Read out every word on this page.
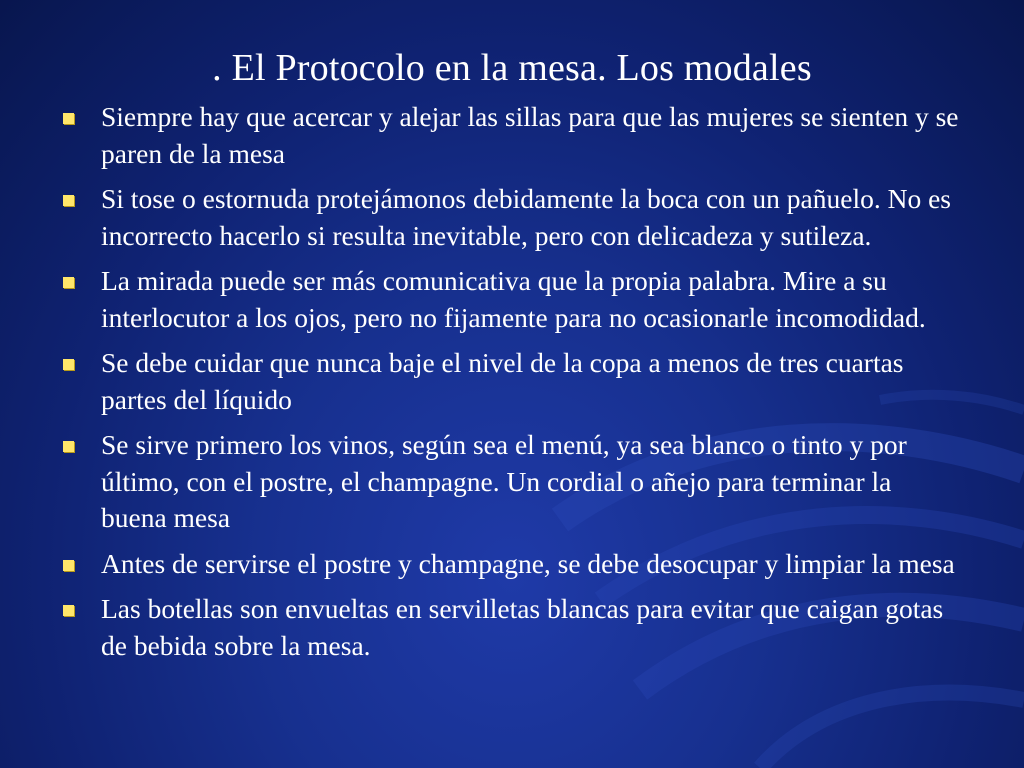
. El Protocolo en la mesa. Los modales
Siempre hay que acercar y alejar las sillas para que las mujeres se sienten y se paren de la mesa
Si tose o estornuda protejámonos debidamente la boca con un pañuelo. No es incorrecto hacerlo si resulta inevitable, pero con delicadeza y sutileza.
La mirada puede ser más comunicativa que la propia palabra. Mire a su interlocutor a los ojos, pero no fijamente para no ocasionarle incomodidad.
Se debe cuidar que nunca baje el nivel de la copa a menos de tres cuartas partes del líquido
Se sirve primero los vinos, según sea el menú, ya sea blanco o tinto y por último, con el postre, el champagne. Un cordial o añejo para terminar la buena mesa
Antes de servirse el postre y champagne, se debe desocupar y limpiar la mesa
Las botellas son envueltas en servilletas blancas para evitar que caigan gotas de bebida sobre la mesa.
